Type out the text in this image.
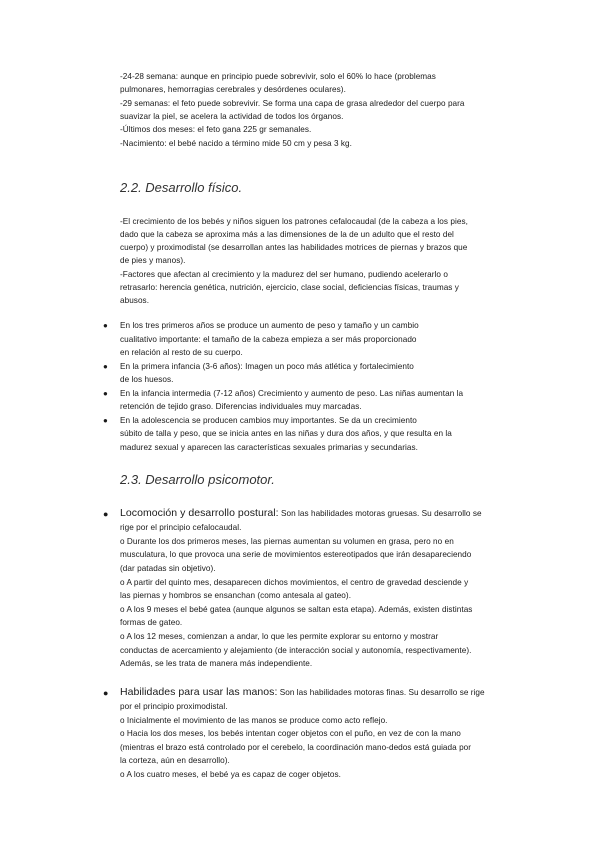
-24-28 semana: aunque en principio puede sobrevivir, solo el 60% lo hace (problemas
pulmonares, hemorragias cerebrales y desórdenes oculares).
-29 semanas: el feto puede sobrevivir. Se forma una capa de grasa alrededor del cuerpo para
suavizar la piel, se acelera la actividad de todos los órganos.
-Últimos dos meses: el feto gana 225 gr semanales.
-Nacimiento: el bebé nacido a término mide 50 cm y pesa 3 kg.
2.2. Desarrollo físico.
-El crecimiento de los bebés y niños siguen los patrones cefalocaudal (de la cabeza a los pies,
dado que la cabeza se aproxima más a las dimensiones de la de un adulto que el resto del
cuerpo) y proximodistal (se desarrollan antes las habilidades motrices de piernas y brazos que
de pies y manos).
-Factores que afectan al crecimiento y la madurez del ser humano, pudiendo acelerarlo o
retrasarlo: herencia genética, nutrición, ejercicio, clase social, deficiencias físicas, traumas y
abusos.
● En los tres primeros años se produce un aumento de peso y tamaño y un cambio
cualitativo importante: el tamaño de la cabeza empieza a ser más proporcionado
en relación al resto de su cuerpo.
● En la primera infancia (3-6 años): Imagen un poco más atlética y fortalecimiento
de los huesos.
● En la infancia intermedia (7-12 años) Crecimiento y aumento de peso. Las niñas aumentan la
retención de tejido graso. Diferencias individuales muy marcadas.
● En la adolescencia se producen cambios muy importantes. Se da un crecimiento
súbito de talla y peso, que se inicia antes en las niñas y dura dos años, y que resulta en la
madurez sexual y aparecen las características sexuales primarias y secundarias.
2.3. Desarrollo psicomotor.
● Locomoción y desarrollo postural: Son las habilidades motoras gruesas. Su desarrollo se
rige por el principio cefalocaudal.
o Durante los dos primeros meses, las piernas aumentan su volumen en grasa, pero no en
musculatura, lo que provoca una serie de movimientos estereotipados que irán desapareciendo
(dar patadas sin objetivo).
o A partir del quinto mes, desaparecen dichos movimientos, el centro de gravedad desciende y
las piernas y hombros se ensanchan (como antesala al gateo).
o A los 9 meses el bebé gatea (aunque algunos se saltan esta etapa). Además, existen distintas
formas de gateo.
o A los 12 meses, comienzan a andar, lo que les permite explorar su entorno y mostrar
conductas de acercamiento y alejamiento (de interacción social y autonomía, respectivamente).
Además, se les trata de manera más independiente.
● Habilidades para usar las manos: Son las habilidades motoras finas. Su desarrollo se rige
por el principio proximodistal.
o Inicialmente el movimiento de las manos se produce como acto reflejo.
o Hacia los dos meses, los bebés intentan coger objetos con el puño, en vez de con la mano
(mientras el brazo está controlado por el cerebelo, la coordinación mano-dedos está guiada por
la corteza, aún en desarrollo).
o A los cuatro meses, el bebé ya es capaz de coger objetos.
